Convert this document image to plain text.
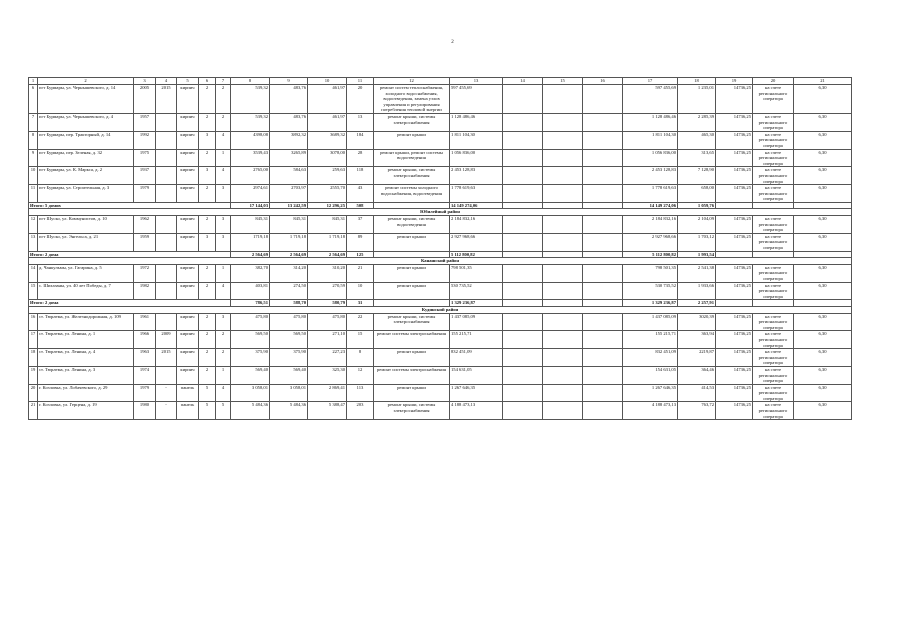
2
1	2	3	4	5	6	7	8	9	10	11	12	13	14	15	16	17	18	19	20	21
6	пгт Бурмары, ул. Чернышевского, д. 14	2005	2015	кирпич	2	2	539,32	483,76	461,97	20	ремонт систем теплоснабжения, холодного водоснабжения, водоотведения, замена узлов управления и регулирования потребления тепловой энергии	597 455,69				597 455,69	1 235,01	14736,25	на счете регионального оператора	6,30
7	пгт Бурмары, ул. Чернышевского, д. 4	1957		кирпич	2	2	539,32	483,76	461,97	13	ремонт крыши, системы электроснабжения	1 128 486,46				1 128 486,46	2 285,39	14736,25	на счете регионального оператора	6,30
8	пгт Бурмары, пер. Тракторный, д. 14	1992		кирпич	3	4	4398,08	3892,32	3689,32	184	ремонт крыши	1 811 104,30				1 811 104,30	465,30	14736,25	на счете регионального оператора	6,30
9	пгт Бурмары, пер. Зеленая, д. 32	1975		кирпич	2	1	3539,43	3265,89	3078,00	28	ремонт крыши, ремонт системы водоотведения	1 056 836,00				1 056 836,00	313,65	14736,25	на счете регионального оператора	6,30
10	пгт Бурмары, ул. К. Маркса, д. 2	1937		кирпич	3	4	2765,00	584,63	259,63	118	ремонт крыши, системы электроснабжения	2 453 128,83				2 453 128,83	7 128,90	14736,25	на счете регионального оператора	6,30
11	пгт Бурмары, ул. Строительная, д. 3	1979		кирпич	2	3	2974,61	2703,97	2555,70	43	ремонт системы холодного водоснабжения, водоотведения	1 778 619,63				1 778 619,63	658,00	14736,25	на счете регионального оператора	6,30
Итого: 5 домов							17 144,03	13 242,59	12 296,25	508		14 149 274,06				14 149 274,06	1 059,76			
Юбилейный район																				
12	пгт Шуско, ул. Коммунистов, д. 10	1962		кирпич	2	3	845,31	845,31	845,31	37	ремонт крыши, системы водоотведения	2 184 832,16				2 184 832,16	2 104,09	14736,25	на счете регионального оператора	6,30
13	пгт Шуско, ул. Энгельса, д. 21	1959		кирпич	3	3	1719,18	1 719,18	1 719,18	89	ремонт крыши	2 927 968,66				2 927 968,66	1 703,12	14736,25	на счете регионального оператора	6,30
Итого: 2 дома							2 564,69	2 564,69	2 564,69	125		5 112 800,82				5 112 800,82	1 993,54			
Канашский район																				
14	д. Чанкульмы, ул. Гагарина, д. 5	1972		кирпич	2	1	382,70	314,20	310,20	21	ремонт крыши	798 501,35				798 501,35	2 541,38	14736,25	на счете регионального оператора	6,30
15	с. Шихазаны, ул. 40 лет Победы, д. 7	1982		кирпич	2	4	403,81	274,50	270,59	10	ремонт крыши	530 735,52				530 735,52	1 933,66	14736,25	на счете регионального оператора	6,30
Итого: 2 дома							786,51	588,70	580,79	31		1 329 236,87				1 329 236,87	2 257,91			
Кудинский район																				
16	ст. Тюрлема, ул. Железнодорожная, д. 109	1961		кирпич	2	3	475,80	475,80	475,80	22	ремонт крыши, системы электроснабжения	1 437 085,09				1 437 085,09	3020,39	14736,25	на счете регионального оператора	6,30
17	ст. Тюрлема, ул. Ленина, д. 1	1966	2009	кирпич	2	2	569,50	569,50	271,10	15	ремонт системы электроснабжения	155 215,71				155 215,71	363,94	14736,25	на счете регионального оператора	6,30
18	ст. Тюрлема, ул. Ленина, д. 4	1963	2015	кирпич	2	2	375,90	375,90	227,23	8	ремонт крыши	832 451,09				832 451,09	2219,87	14736,25	на счете регионального оператора	6,30
19	ст. Тюрлема, ул. Ленина, д. 3	1974		кирпич	2	1	569,40	569,40	325,30	12	ремонт системы электроснабжения	154 631,05				154 631,05	364,46	14736,25	на счете регионального оператора	6,30
20	г. Козловка, ул. Лобачевского, д. 29	1979	-	панель	5	4	3 058,01	3 058,01	2 869,41	113	ремонт крыши	1 267 646,35				1 267 646,35	414,53	14736,25	на счете регионального оператора	6,30
21	г. Козловка, ул. Герцена, д. 19	1980	-	панель	5	5	5 484,36	5 484,36	5 388,47	203	ремонт крыши, системы электроснабжения	4 188 473,13				4 188 473,13	763,72	14736,25	на счете регионального оператора	6,30
